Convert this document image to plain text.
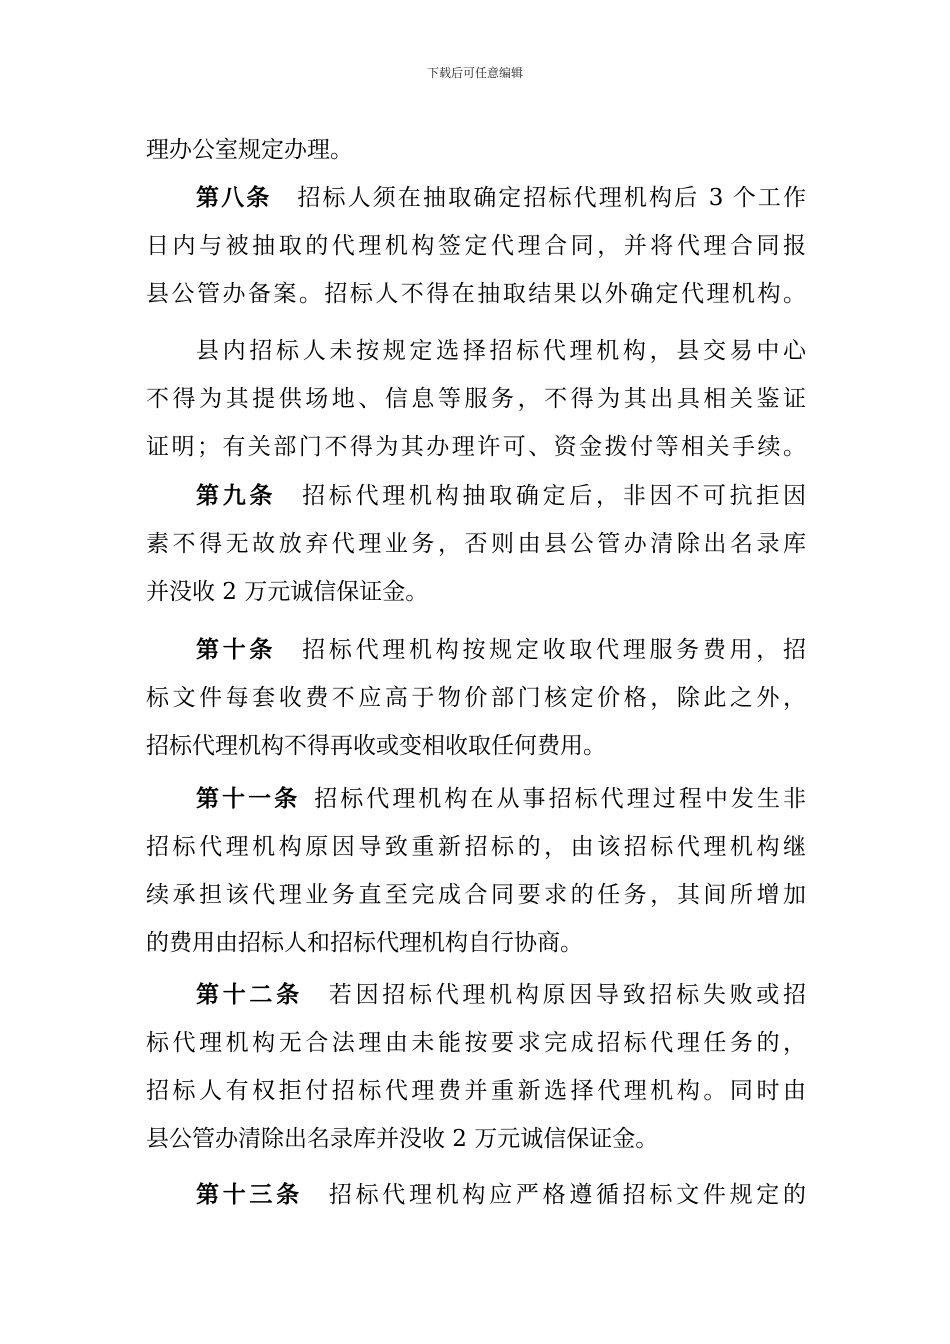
下载后可任意编辑
理办公室规定办理。
第八条 招标人须在抽取确定招标代理机构后 3 个工作
日内与被抽取的代理机构签定代理合同，并将代理合同报
县公管办备案。招标人不得在抽取结果以外确定代理机构。
县内招标人未按规定选择招标代理机构，县交易中心
不得为其提供场地、信息等服务，不得为其出具相关鉴证
证明；有关部门不得为其办理许可、资金拨付等相关手续。
第九条 招标代理机构抽取确定后，非因不可抗拒因
素不得无故放弃代理业务，否则由县公管办清除出名录库
并没收 2 万元诚信保证金。
第十条 招标代理机构按规定收取代理服务费用，招
标文件每套收费不应高于物价部门核定价格，除此之外，
招标代理机构不得再收或变相收取任何费用。
第十一条 招标代理机构在从事招标代理过程中发生非
招标代理机构原因导致重新招标的，由该招标代理机构继
续承担该代理业务直至完成合同要求的任务，其间所增加
的费用由招标人和招标代理机构自行协商。
第十二条 若因招标代理机构原因导致招标失败或招
标代理机构无合法理由未能按要求完成招标代理任务的，
招标人有权拒付招标代理费并重新选择代理机构。同时由
县公管办清除出名录库并没收 2 万元诚信保证金。
第十三条 招标代理机构应严格遵循招标文件规定的
